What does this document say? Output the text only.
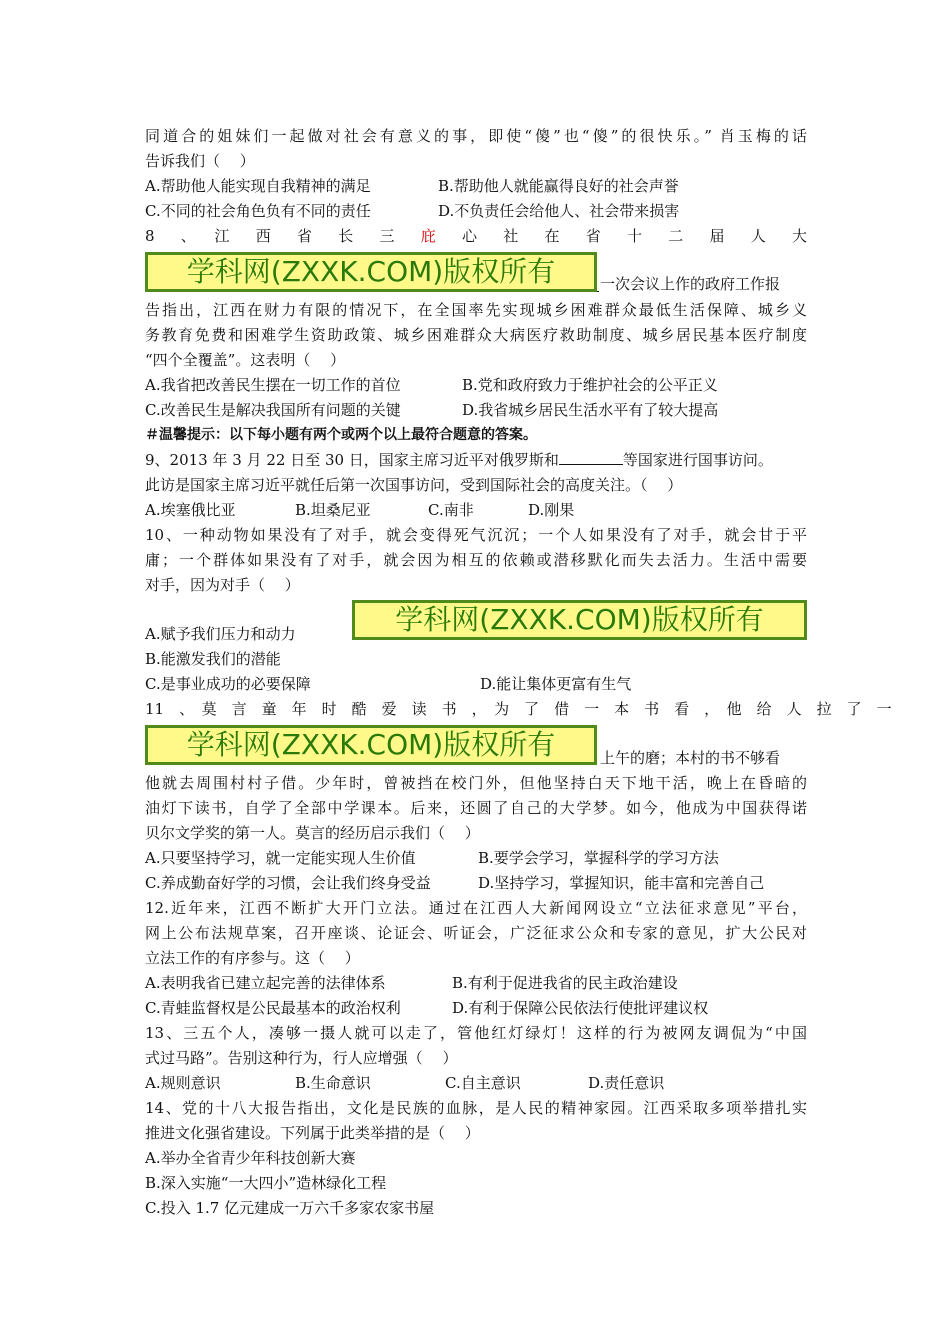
同道合的姐妹们一起做对社会有意义的事，即使“傻”也“傻”的很快乐。” 肖玉梅的话
告诉我们（　 ）
A.帮助他人能实现自我精神的满足	B.帮助他人就能赢得良好的社会声誉
C.不同的社会角色负有不同的责任	D.不负责任会给他人、社会带来损害
8　、　江　西　省　长　三　庇　心　社　在　省　十　二　届　人　大
学科网(ZXXK.COM)版权所有	一次会议上作的政府工作报
告指出，江西在财力有限的情况下，在全国率先实现城乡困难群众最低生活保障、城乡义
务教育免费和困难学生资助政策、城乡困难群众大病医疗救助制度、城乡居民基本医疗制度
“四个全覆盖”。这表明（　 ）
A.我省把改善民生摆在一切工作的首位	B.党和政府致力于维护社会的公平正义
C.改善民生是解决我国所有问题的关键	D.我省城乡居民生活水平有了较大提高
＃温馨提示：以下每小题有两个或两个以上最符合题意的答案。
9、2013 年 3 月 22 日至 30 日，国家主席习近平对俄罗斯和	等国家进行国事访问。
此访是国家主席习近平就任后第一次国事访问，受到国际社会的高度关注。（　 ）
A.埃塞俄比亚	B.坦桑尼亚	C.南非	D.刚果
10、一种动物如果没有了对手，就会变得死气沉沉；一个人如果没有了对手，就会甘于平
庸；一个群体如果没有了对手，就会因为相互的依赖或潜移默化而失去活力。生活中需要
对手，因为对手（　 ）
学科网(ZXXK.COM)版权所有
A.赋予我们压力和动力
B.能激发我们的潜能
C.是事业成功的必要保障	D.能让集体更富有生气
11　、　莫　言　童　年　时　酷　爱　读　书　，　为　了　借　一　本　书　看　，　他　给　人　拉　了　一
学科网(ZXXK.COM)版权所有	上午的磨；本村的书不够看
他就去周围村村子借。少年时，曾被挡在校门外，但他坚持白天下地干活，晚上在昏暗的
油灯下读书，自学了全部中学课本。后来，还圆了自己的大学梦。如今，他成为中国获得诺
贝尔文学奖的第一人。莫言的经历启示我们（　 ）
A.只要坚持学习，就一定能实现人生价值	B.要学会学习，掌握科学的学习方法
C.养成勤奋好学的习惯，会让我们终身受益	D.坚持学习，掌握知识，能丰富和完善自己
12.近年来，江西不断扩大开门立法。通过在江西人大新闻网设立“立法征求意见”平台，
网上公布法规草案，召开座谈、论证会、听证会，广泛征求公众和专家的意见，扩大公民对
立法工作的有序参与。这（　 ）
A.表明我省已建立起完善的法律体系	B.有利于促进我省的民主政治建设
C.青蛙监督权是公民最基本的政治权利	D.有利于保障公民依法行使批评建议权
13、三五个人，凑够一摄人就可以走了，管他红灯绿灯！这样的行为被网友调侃为“中国
式过马路”。告别这种行为，行人应增强（　 ）
A.规则意识	B.生命意识	C.自主意识	D.责任意识
14、党的十八大报告指出，文化是民族的血脉，是人民的精神家园。江西采取多项举措扎实
推进文化强省建设。下列属于此类举措的是（　 ）
A.举办全省青少年科技创新大赛
B.深入实施“一大四小”造林绿化工程
C.投入 1.7 亿元建成一万六千多家农家书屋
